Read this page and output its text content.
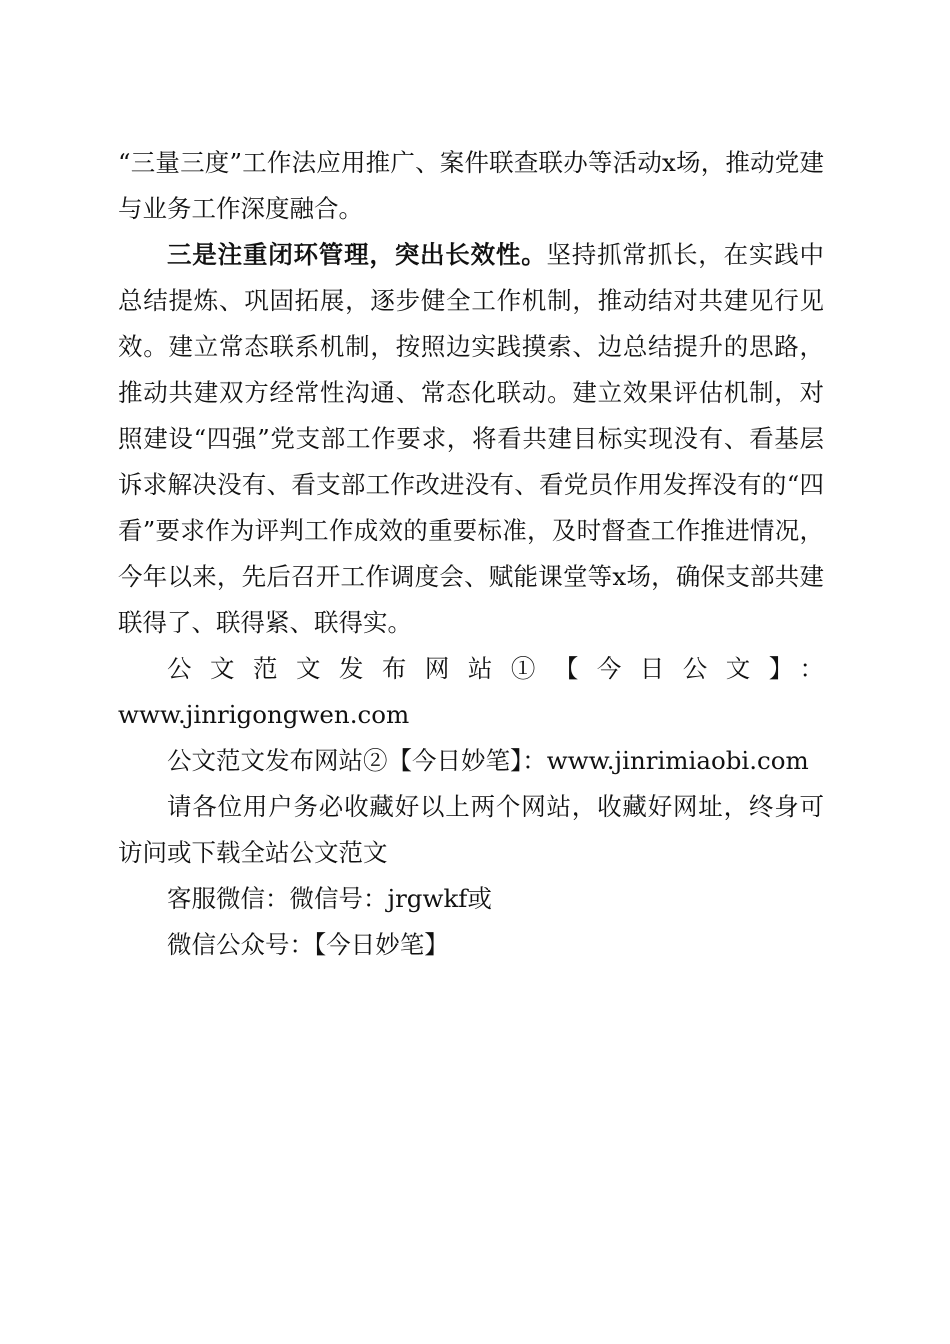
“三量三度”工作法应用推广、案件联查联办等活动x场，推动党建与业务工作深度融合。

三是注重闭环管理，突出长效性。坚持抓常抓长，在实践中总结提炼、巩固拓展，逐步健全工作机制，推动结对共建见行见效。建立常态联系机制，按照边实践摸索、边总结提升的思路，推动共建双方经常性沟通、常态化联动。建立效果评估机制，对照建设“四强”党支部工作要求，将看共建目标实现没有、看基层诉求解决没有、看支部工作改进没有、看党员作用发挥没有的“四看”要求作为评判工作成效的重要标准，及时督查工作推进情况，今年以来，先后召开工作调度会、赋能课堂等x场，确保支部共建联得了、联得紧、联得实。

公文范文发布网站①【今日公文】：

www.jinrigongwen.com

公文范文发布网站②【今日妙笔】：www.jinrimiaobi.com

请各位用户务必收藏好以上两个网站，收藏好网址，终身可访问或下载全站公文范文

客服微信：微信号：jrgwkf或

微信公众号：【今日妙笔】
